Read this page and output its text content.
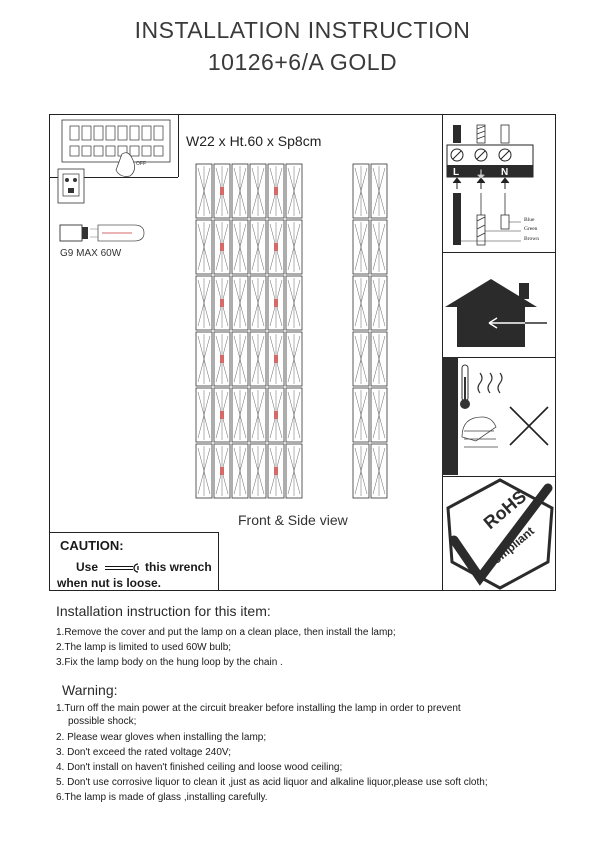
INSTALLATION INSTRUCTION
10126+6/A GOLD
OFF
G9 MAX 60W
W22 x Ht.60 x Sp8cm
Front & Side view
CAUTION:
Use	this wrench
when nut is loose.
L ⏚ N
Blue
Green
Brown
RoHS
Compliant
Installation instruction for this item:
1.Remove the cover and put the lamp on a clean place, then install the lamp;
2.The lamp is limited to used 60W bulb;
3.Fix the lamp body on the hung loop by the chain .
Warning:
1.Turn off the main power at the circuit breaker before installing the lamp in order to prevent
possible shock;
2. Please wear gloves when installing the lamp;
3. Don't exceed the rated voltage 240V;
4. Don't install on haven't finished ceiling and loose wood ceiling;
5. Don't use corrosive liquor to clean it ,just as acid liquor and alkaline liquor,please use soft cloth;
6.The lamp is made of glass ,installing carefully.
